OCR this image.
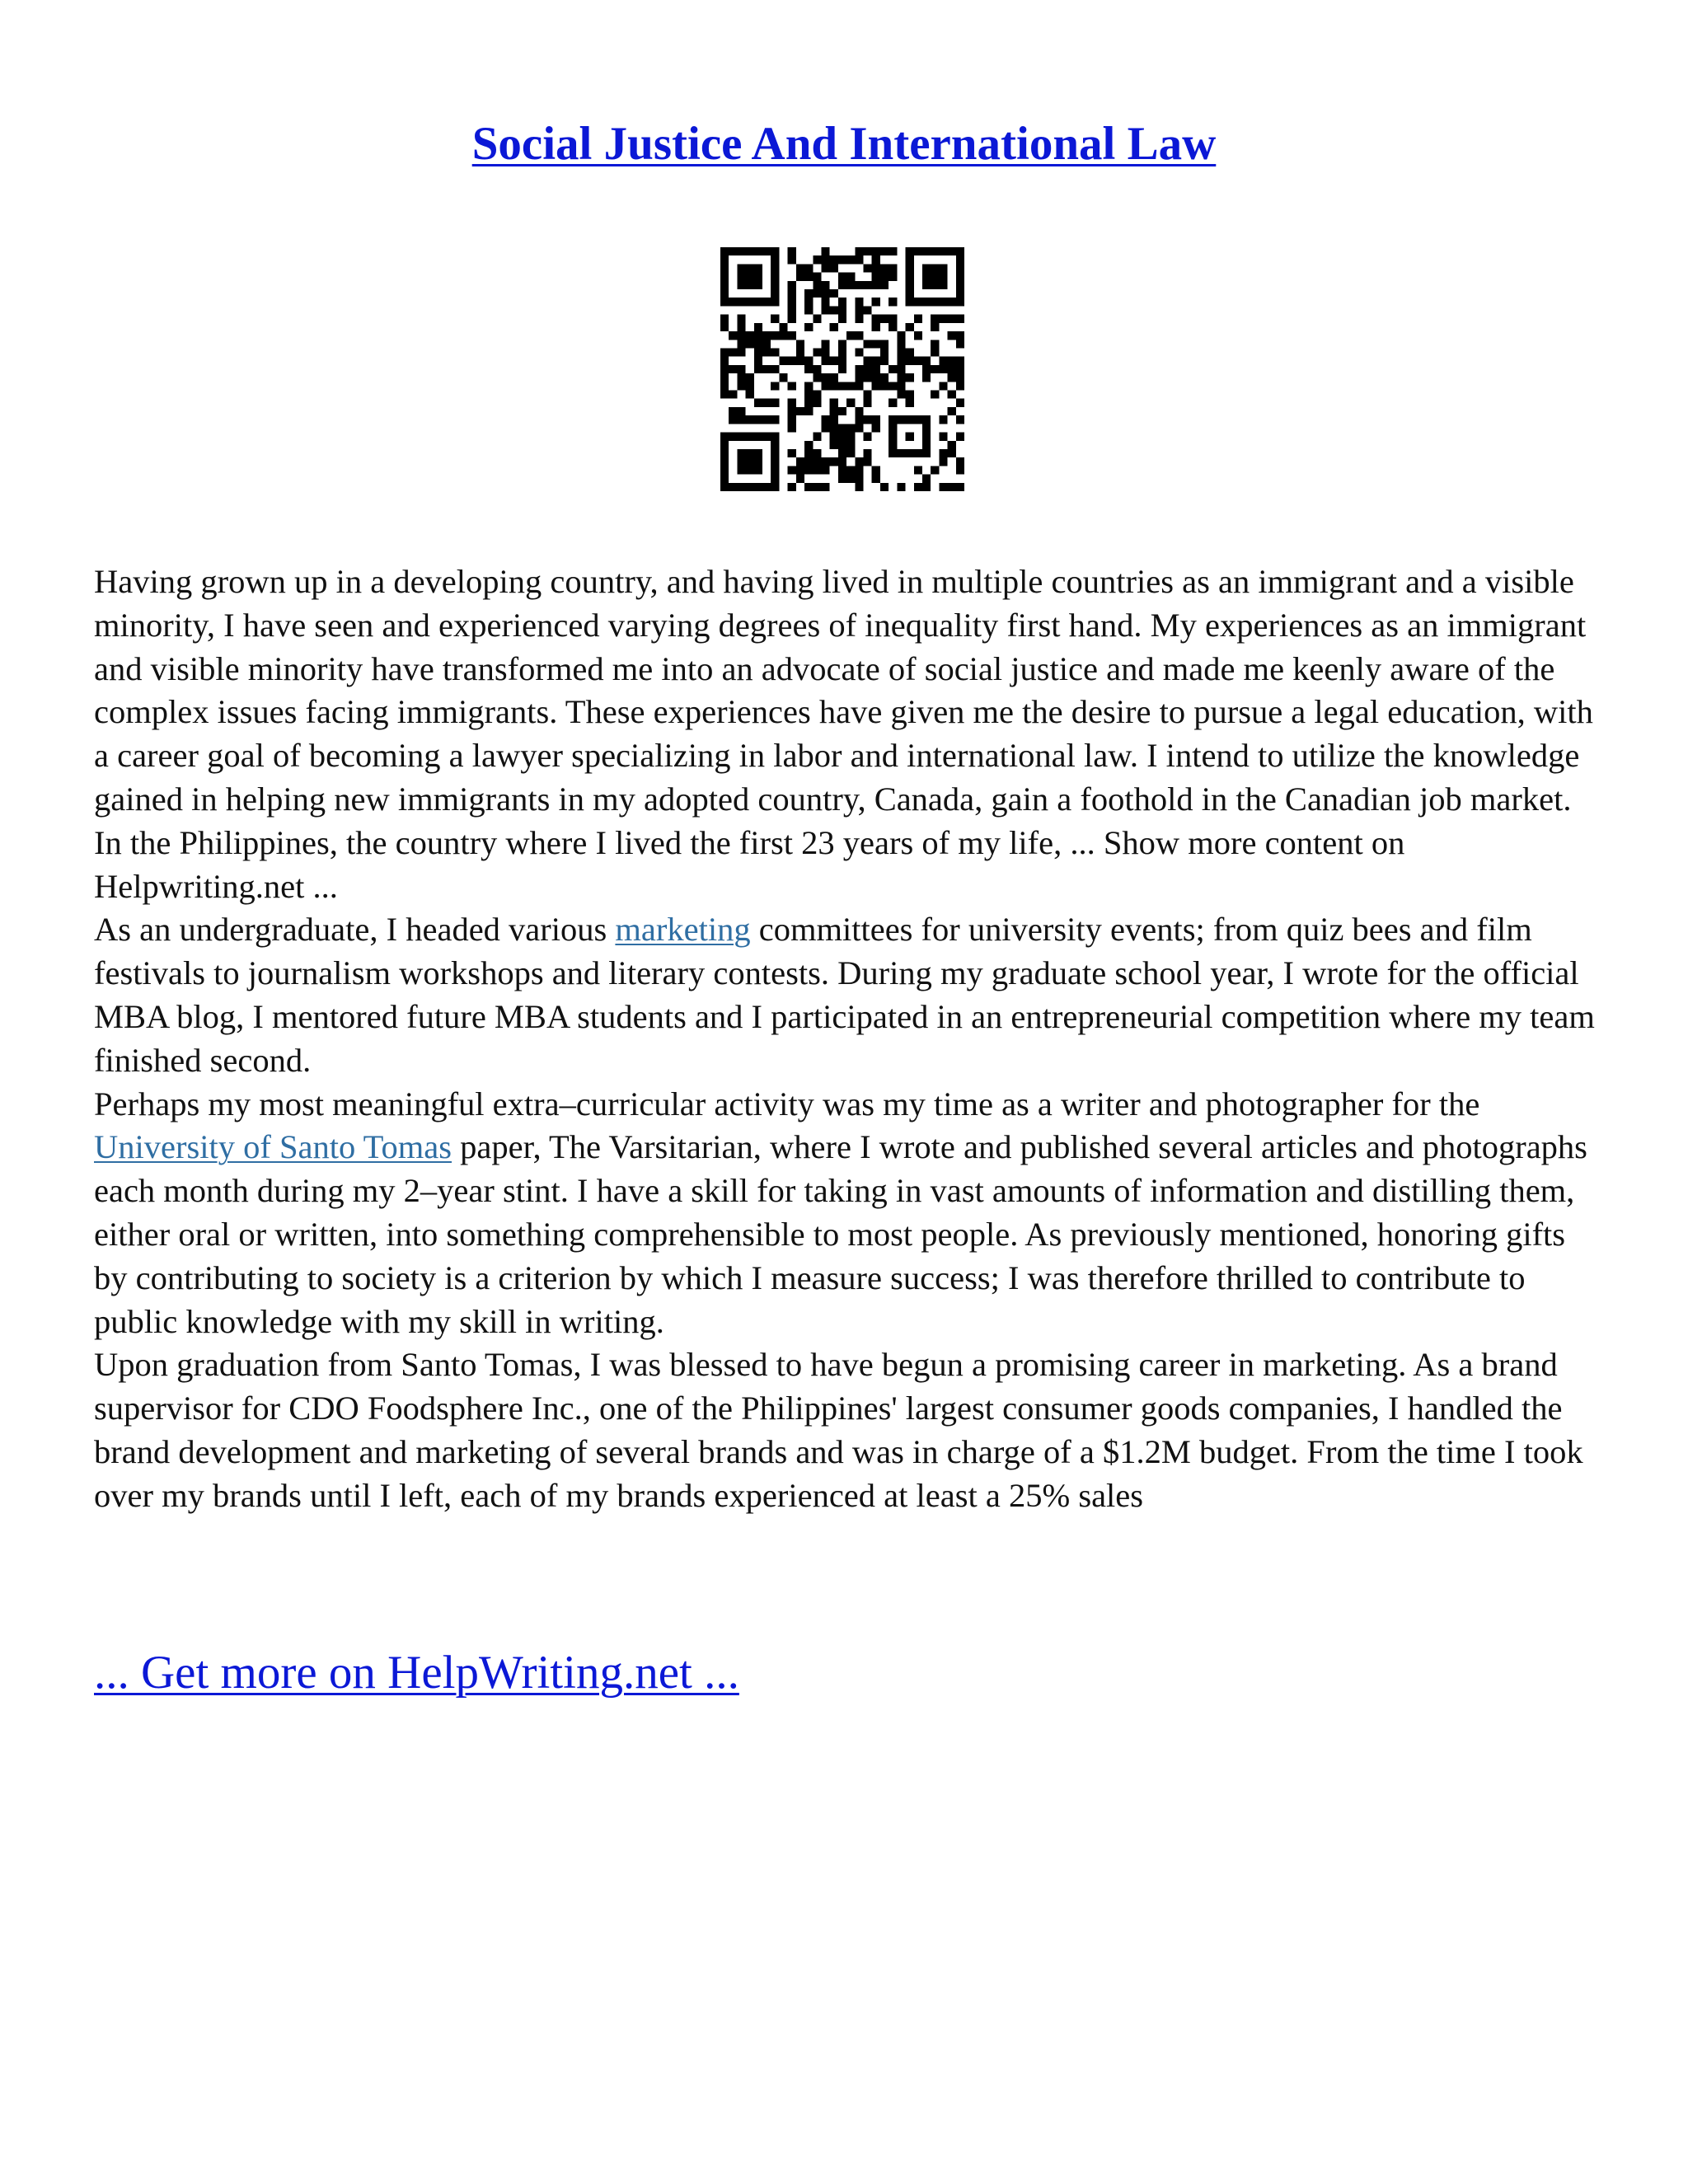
Social Justice And International Law

Having grown up in a developing country, and having lived in multiple countries as an immigrant and a visible minority, I have seen and experienced varying degrees of inequality first hand. My experiences as an immigrant and visible minority have transformed me into an advocate of social justice and made me keenly aware of the complex issues facing immigrants. These experiences have given me the desire to pursue a legal education, with a career goal of becoming a lawyer specializing in labor and international law. I intend to utilize the knowledge gained in helping new immigrants in my adopted country, Canada, gain a foothold in the Canadian job market.

In the Philippines, the country where I lived the first 23 years of my life, ... Show more content on Helpwriting.net ...

As an undergraduate, I headed various marketing committees for university events; from quiz bees and film festivals to journalism workshops and literary contests. During my graduate school year, I wrote for the official MBA blog, I mentored future MBA students and I participated in an entrepreneurial competition where my team finished second.

Perhaps my most meaningful extra–curricular activity was my time as a writer and photographer for the University of Santo Tomas paper, The Varsitarian, where I wrote and published several articles and photographs each month during my 2–year stint. I have a skill for taking in vast amounts of information and distilling them, either oral or written, into something comprehensible to most people. As previously mentioned, honoring gifts by contributing to society is a criterion by which I measure success; I was therefore thrilled to contribute to public knowledge with my skill in writing.

Upon graduation from Santo Tomas, I was blessed to have begun a promising career in marketing. As a brand supervisor for CDO Foodsphere Inc., one of the Philippines' largest consumer goods companies, I handled the brand development and marketing of several brands and was in charge of a $1.2M budget. From the time I took over my brands until I left, each of my brands experienced at least a 25% sales

... Get more on HelpWriting.net ...
